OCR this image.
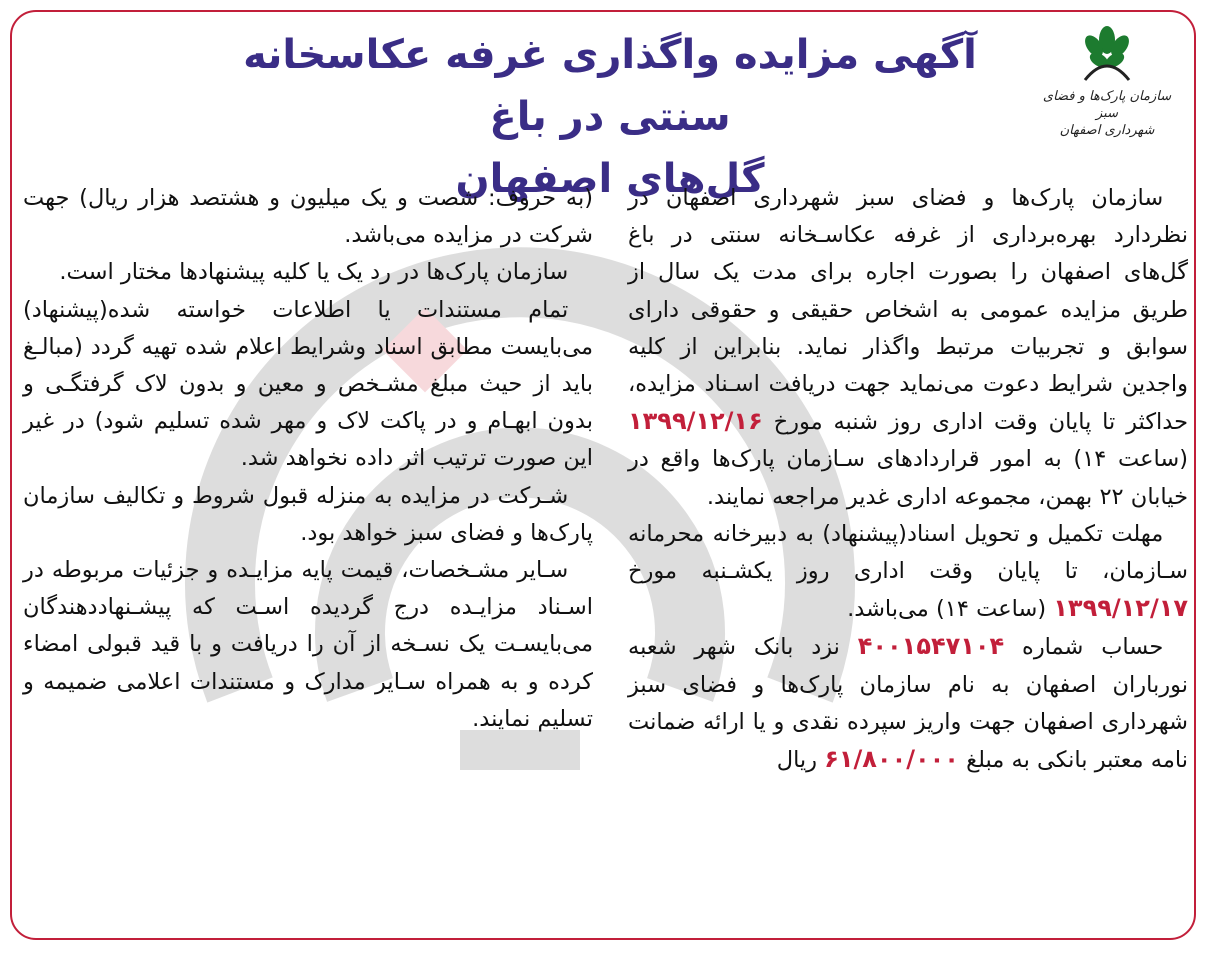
سازمان پارک‌ها و فضای سبز
شهرداری اصفهان
آگهی مزایده واگذاری غرفه عکاسخانه سنتی در باغ
گل‌های اصفهان

سازمان پارک‌ها و فضای سبز شهرداری اصفهان در نظردارد بهره‌برداری از غرفه عکاسـخانه سنتی در باغ گل‌های اصفهان را بصورت اجاره برای مدت یک سال از طریق مزایده عمومی به اشخاص حقیقی و حقوقی دارای سوابق و تجربیات مرتبط واگذار نماید. بنابراین از کلیه واجدین شرایط دعوت می‌نماید جهت دریافت اسـناد مزایده، حداکثر تا پایان وقت اداری روز شنبه مورخ ۱۳۹۹/۱۲/۱۶ (ساعت ۱۴) به امور قراردادهای سـازمان پارک‌ها واقع در خیابان ۲۲ بهمن، مجموعه اداری غدیر مراجعه نمایند.

مهلت تکمیل و تحویل اسناد(پیشنهاد) به دبیرخانه محرمانه سـازمان، تا پایان وقت اداری روز یکشـنبه مورخ ۱۳۹۹/۱۲/۱۷ (ساعت ۱۴) می‌باشد.

حساب شماره ۴۰۰۱۵۴۷۱۰۴ نزد بانک شهر شعبه نورباران اصفهان به نام سازمان پارک‌ها و فضای سبز شهرداری اصفهان جهت واریز سپرده نقدی و یا ارائه ضمانت نامه معتبر بانکی به مبلغ ۶۱/۸۰۰/۰۰۰ ریال

(به حروف: شصت و یک میلیون و هشتصد هزار ریال) جهت شرکت در مزایده می‌باشد.

سازمان پارک‌ها در رد یک یا کلیه پیشنهادها مختار است.

تمام مستندات یا اطلاعات خواسته شده(پیشنهاد) می‌بایست مطابق اسناد وشرایط اعلام شده تهیه گردد (مبالـغ باید از حیث مبلغ مشـخص و معین و بدون لاک گرفتگـی و بدون ابهـام و در پاکت لاک و مهر شده تسلیم شود) در غیر این صورت ترتیب اثر داده نخواهد شد.

شـرکت در مزایده به منزله قبول شروط و تکالیف سازمان پارک‌ها و فضای سبز خواهد بود.

سـایر مشـخصات، قیمت پایه مزایـده و جزئیات مربوطه در اسـناد مزایـده درج گردیده اسـت که پیشـنهاددهندگان می‌بایسـت یک نسـخه از آن را دریافت و با قید قبولی امضاء کرده و به همراه سـایر مدارک و مستندات اعلامی ضمیمه و تسلیم نمایند.
